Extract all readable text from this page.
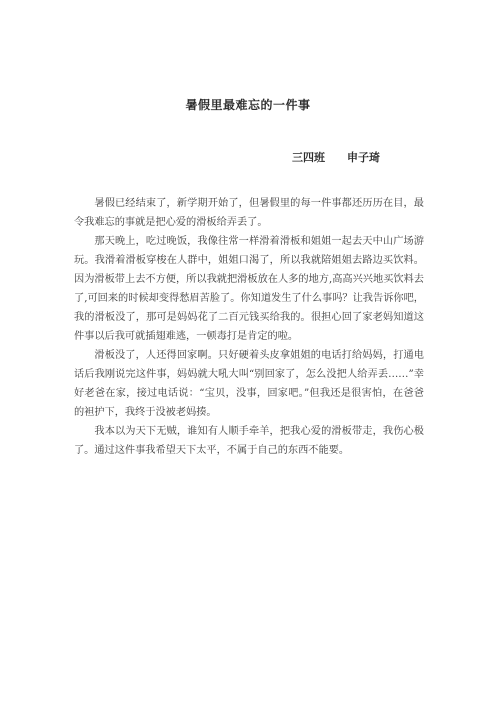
暑假里最难忘的一件事
三四班 申子琦

暑假已经结束了，新学期开始了，但暑假里的每一件事都还历历在目，最令我难忘的事就是把心爱的滑板给弄丢了。

那天晚上，吃过晚饭，我像往常一样滑着滑板和姐姐一起去天中山广场游玩。我滑着滑板穿梭在人群中，姐姐口渴了，所以我就陪姐姐去路边买饮料。因为滑板带上去不方便，所以我就把滑板放在人多的地方,高高兴兴地买饮料去了,可回来的时候却变得愁眉苦脸了。你知道发生了什么事吗？让我告诉你吧，我的滑板没了，那可是妈妈花了二百元钱买给我的。很担心回了家老妈知道这件事以后我可就插翅难逃，一顿毒打是肯定的啦。

滑板没了，人还得回家啊。只好硬着头皮拿姐姐的电话打给妈妈，打通电话后我刚说完这件事，妈妈就大吼大叫“别回家了，怎么没把人给弄丢……”幸好老爸在家，接过电话说：“宝贝，没事，回家吧。”但我还是很害怕，在爸爸的袒护下，我终于没被老妈揍。

我本以为天下无贼，谁知有人顺手牵羊，把我心爱的滑板带走，我伤心极了。通过这件事我希望天下太平，不属于自己的东西不能要。
